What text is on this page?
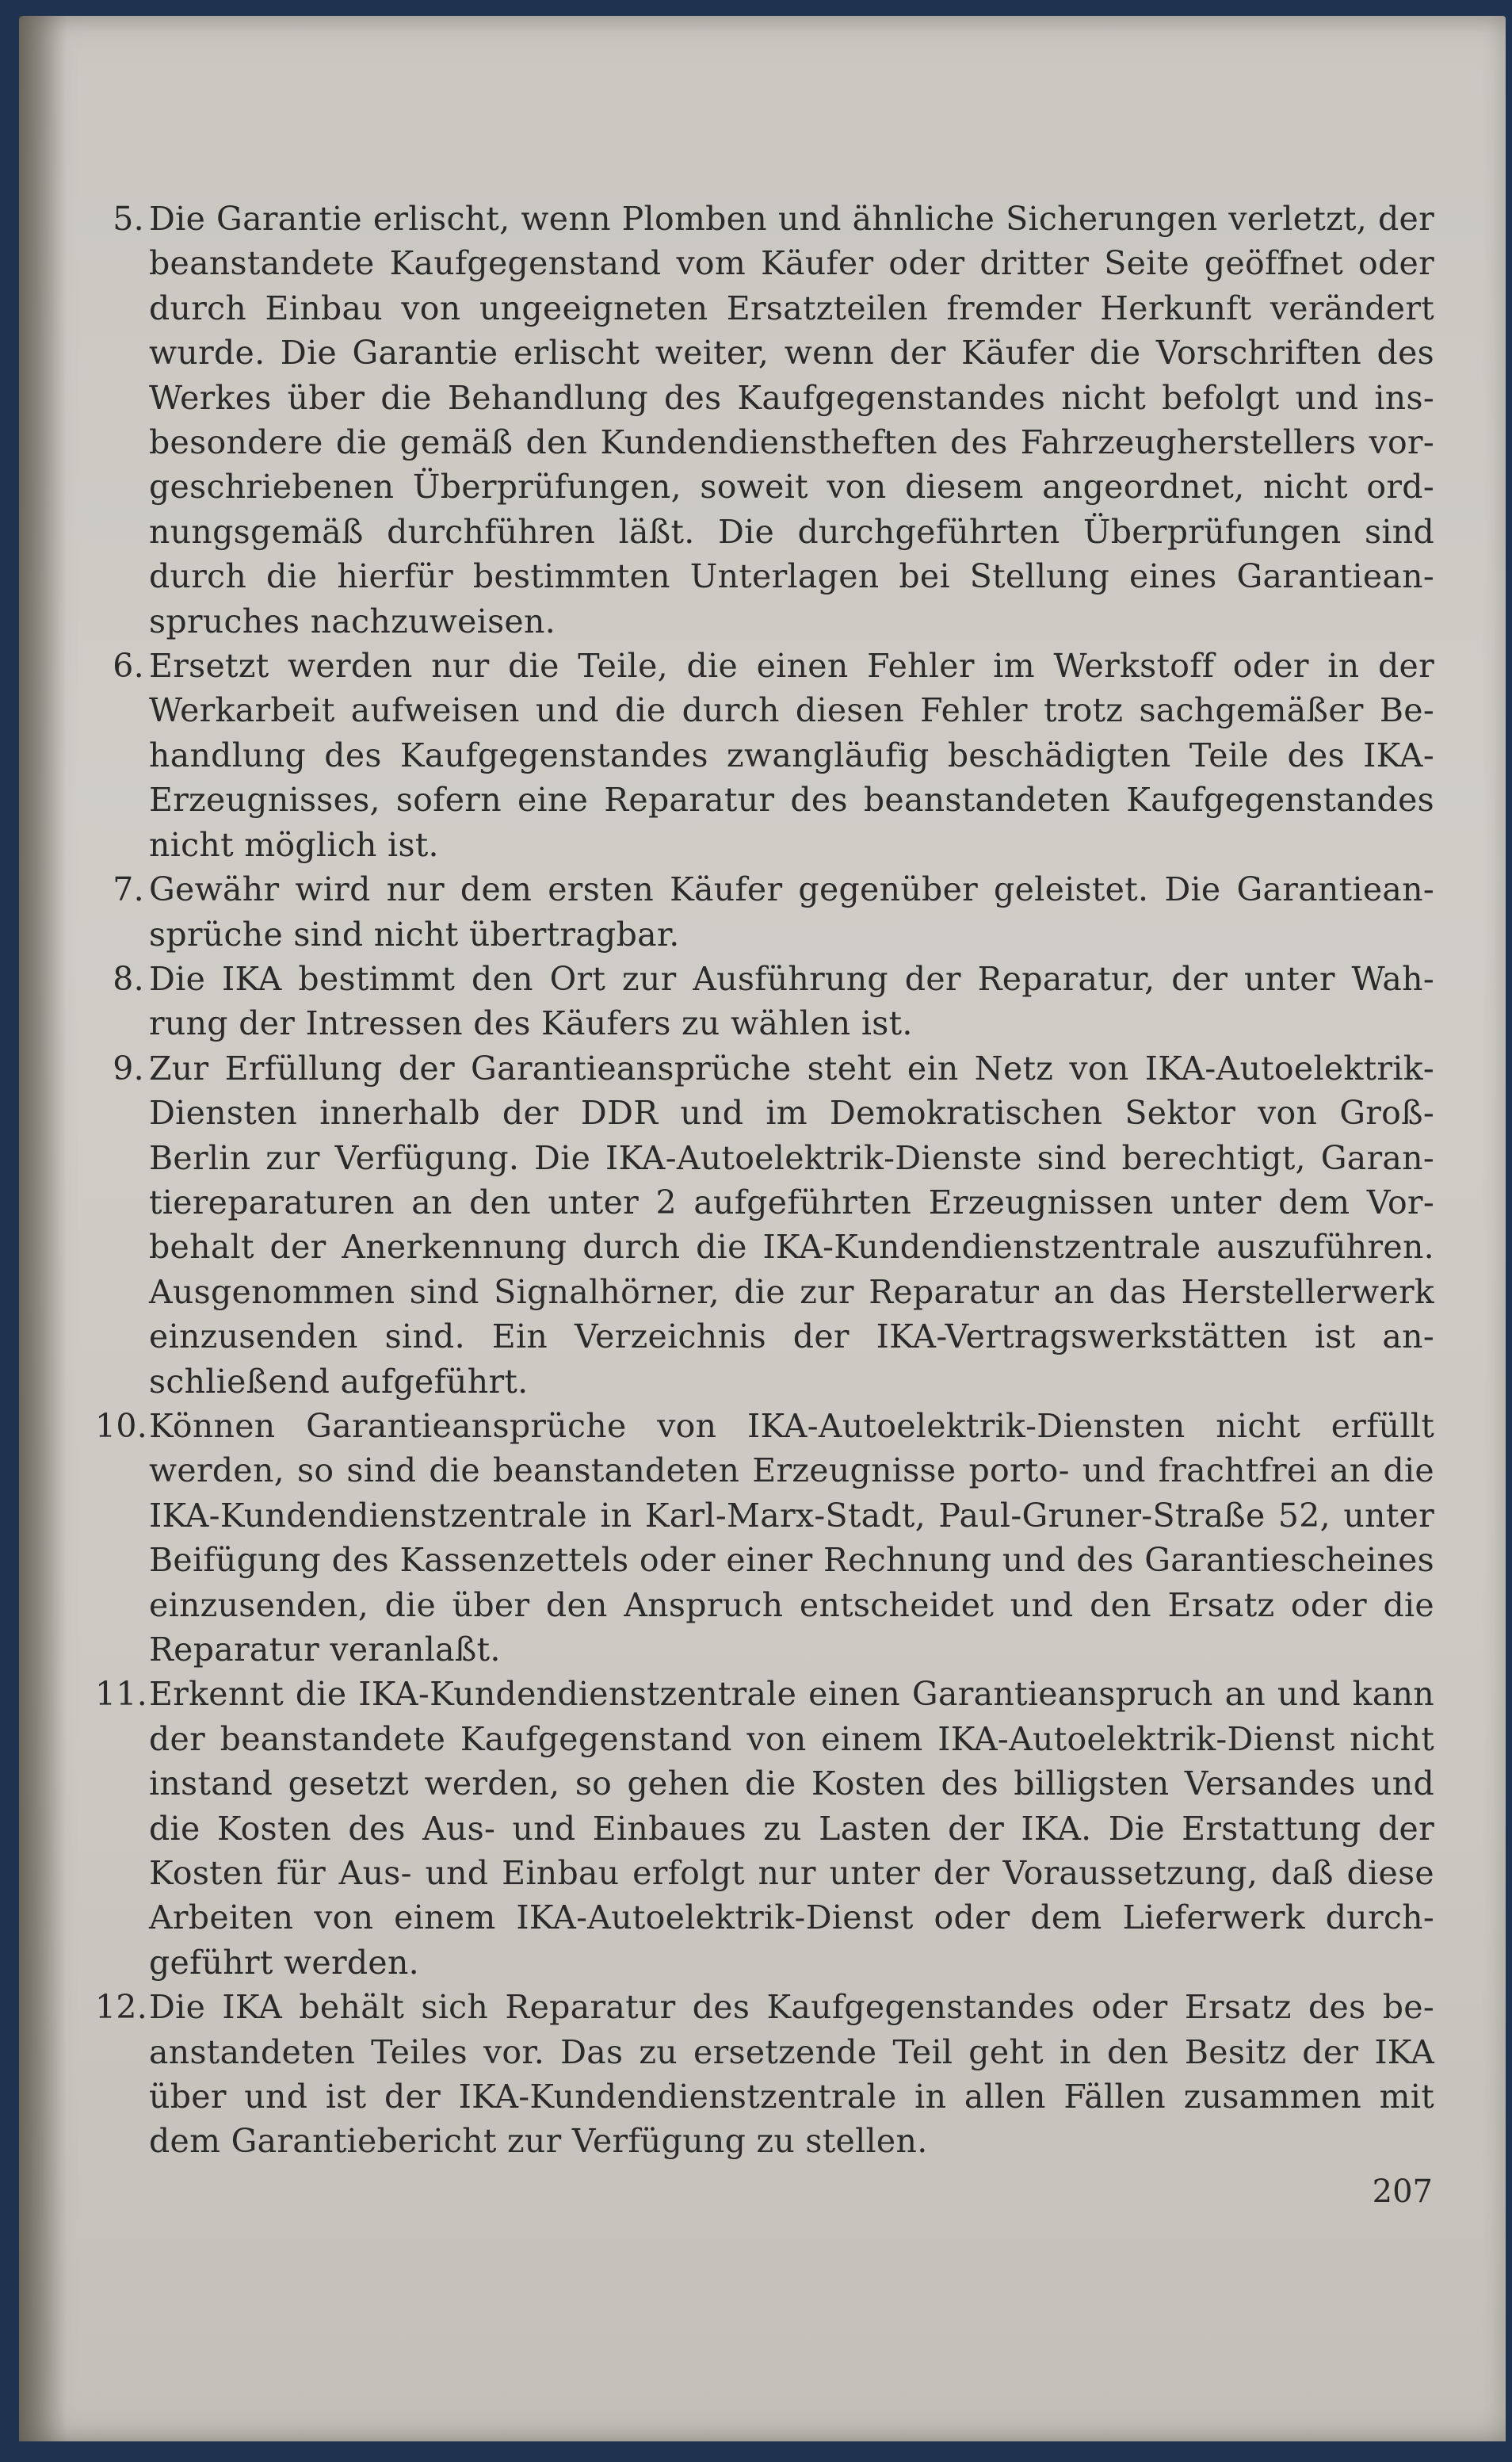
5. Die Garantie erlischt, wenn Plomben und ähnliche Sicherungen verletzt, der beanstandete Kaufgegenstand vom Käufer oder dritter Seite geöffnet oder durch Einbau von ungeeigneten Ersatzteilen fremder Herkunft verändert wurde. Die Garantie erlischt weiter, wenn der Käufer die Vorschriften des Werkes über die Behandlung des Kaufgegenstandes nicht befolgt und ins‐ besondere die gemäß den Kundendienstheften des Fahrzeugherstellers vor‐ geschriebenen Überprüfungen, soweit von diesem angeordnet, nicht ord‐ nungsgemäß durchführen läßt. Die durchgeführten Überprüfungen sind durch die hierfür bestimmten Unterlagen bei Stellung eines Garantiean‐ spruches nachzuweisen.
6. Ersetzt werden nur die Teile, die einen Fehler im Werkstoff oder in der Werkarbeit aufweisen und die durch diesen Fehler trotz sachgemäßer Be‐ handlung des Kaufgegenstandes zwangläufig beschädigten Teile des IKA‐ Erzeugnisses, sofern eine Reparatur des beanstandeten Kaufgegenstandes nicht möglich ist.
7. Gewähr wird nur dem ersten Käufer gegenüber geleistet. Die Garantiean‐ sprüche sind nicht übertragbar.
8. Die IKA bestimmt den Ort zur Ausführung der Reparatur, der unter Wah‐ rung der Intressen des Käufers zu wählen ist.
9. Zur Erfüllung der Garantieansprüche steht ein Netz von IKA‐Autoelektrik‐ Diensten innerhalb der DDR und im Demokratischen Sektor von Groß‐ Berlin zur Verfügung. Die IKA‐Autoelektrik‐Dienste sind berechtigt, Garan‐ tiereparaturen an den unter 2 aufgeführten Erzeugnissen unter dem Vor‐ behalt der Anerkennung durch die IKA‐Kundendienstzentrale auszuführen. Ausgenommen sind Signalhörner, die zur Reparatur an das Herstellerwerk einzusenden sind. Ein Verzeichnis der IKA‐Vertragswerkstätten ist an‐ schließend aufgeführt.
10. Können Garantieansprüche von IKA‐Autoelektrik‐Diensten nicht erfüllt werden, so sind die beanstandeten Erzeugnisse porto‐ und frachtfrei an die IKA‐Kundendienstzentrale in Karl‐Marx‐Stadt, Paul‐Gruner‐Straße 52, unter Beifügung des Kassenzettels oder einer Rechnung und des Garantiescheines einzusenden, die über den Anspruch entscheidet und den Ersatz oder die Reparatur veranlaßt.
11. Erkennt die IKA‐Kundendienstzentrale einen Garantieanspruch an und kann der beanstandete Kaufgegenstand von einem IKA‐Autoelektrik‐Dienst nicht instand gesetzt werden, so gehen die Kosten des billigsten Versandes und die Kosten des Aus‐ und Einbaues zu Lasten der IKA. Die Erstattung der Kosten für Aus‐ und Einbau erfolgt nur unter der Voraussetzung, daß diese Arbeiten von einem IKA‐Autoelektrik‐Dienst oder dem Lieferwerk durch‐ geführt werden.
12. Die IKA behält sich Reparatur des Kaufgegenstandes oder Ersatz des be‐ anstandeten Teiles vor. Das zu ersetzende Teil geht in den Besitz der IKA über und ist der IKA‐Kundendienstzentrale in allen Fällen zusammen mit dem Garantiebericht zur Verfügung zu stellen.
207
